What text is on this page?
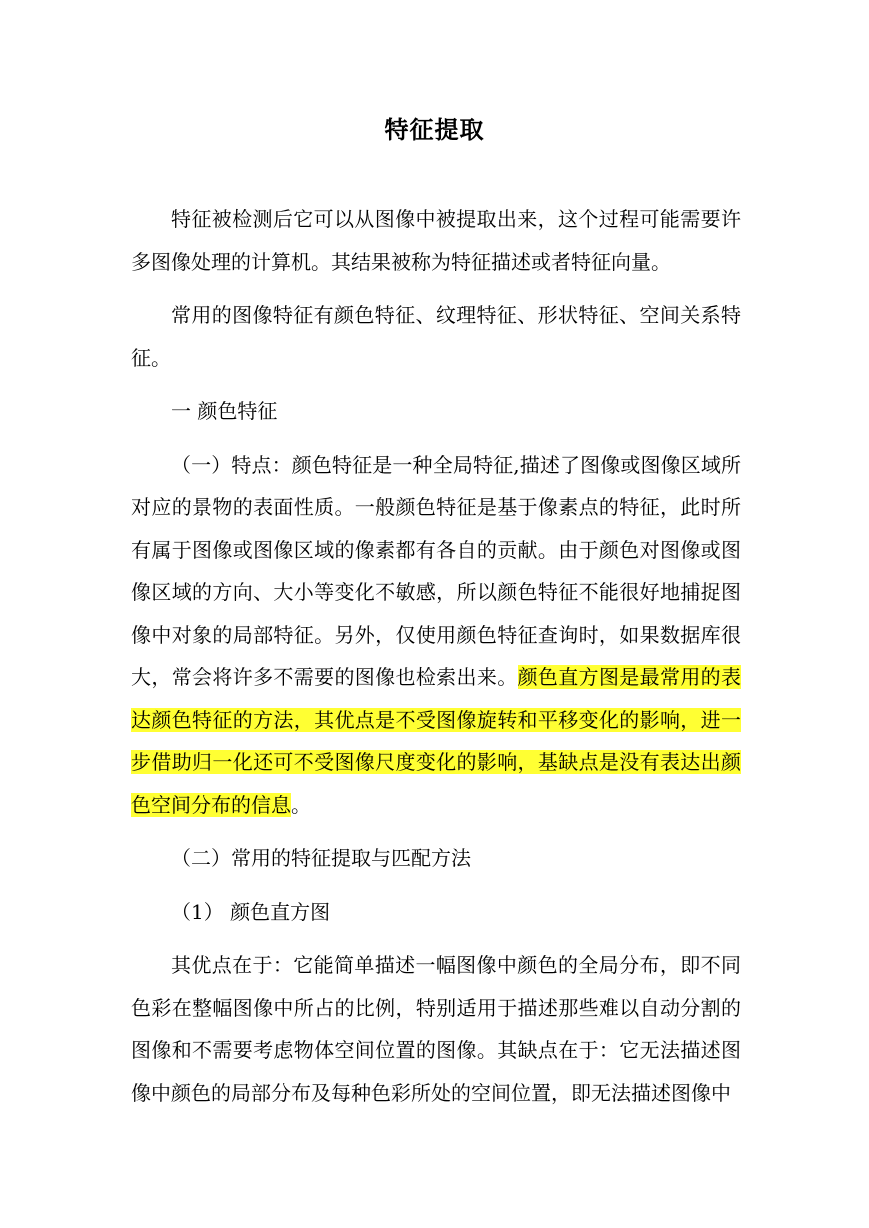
特征提取

特征被检测后它可以从图像中被提取出来，这个过程可能需要许多图像处理的计算机。其结果被称为特征描述或者特征向量。

常用的图像特征有颜色特征、纹理特征、形状特征、空间关系特征。

一 颜色特征

（一）特点：颜色特征是一种全局特征,描述了图像或图像区域所对应的景物的表面性质。一般颜色特征是基于像素点的特征，此时所有属于图像或图像区域的像素都有各自的贡献。由于颜色对图像或图像区域的方向、大小等变化不敏感，所以颜色特征不能很好地捕捉图像中对象的局部特征。另外，仅使用颜色特征查询时，如果数据库很大，常会将许多不需要的图像也检索出来。颜色直方图是最常用的表达颜色特征的方法，其优点是不受图像旋转和平移变化的影响，进一步借助归一化还可不受图像尺度变化的影响，基缺点是没有表达出颜色空间分布的信息。

（二）常用的特征提取与匹配方法

（1） 颜色直方图

其优点在于：它能简单描述一幅图像中颜色的全局分布，即不同色彩在整幅图像中所占的比例，特别适用于描述那些难以自动分割的图像和不需要考虑物体空间位置的图像。其缺点在于：它无法描述图像中颜色的局部分布及每种色彩所处的空间位置，即无法描述图像中
